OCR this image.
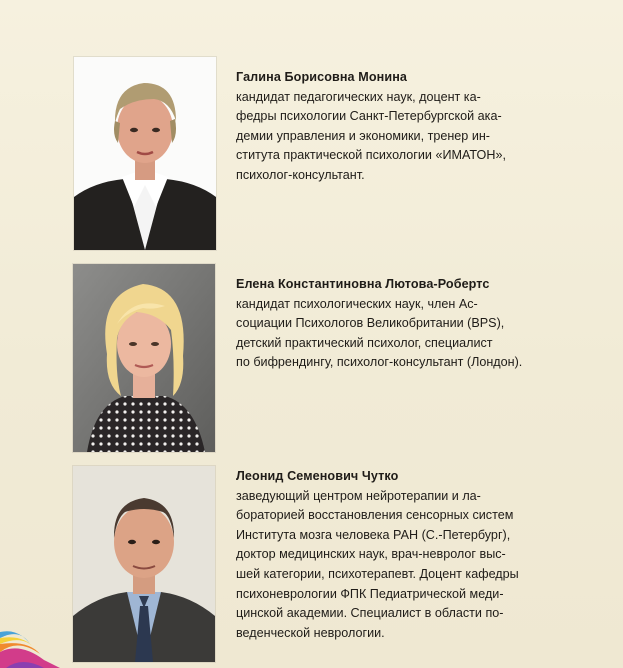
Галина Борисовна Монина
кандидат педагогических наук, доцент ка-
федры психологии Санкт-Петербургской ака-
демии управления и экономики, тренер ин-
ститута практической психологии «ИМАТОН»,
психолог-консультант.
Елена Константиновна Лютова-Робертс
кандидат психологических наук, член Ас-
социации Психологов Великобритании (BPS),
детский практический психолог, специалист
по бифрендингу, психолог-консультант (Лондон).
Леонид Семенович Чутко
заведующий центром нейротерапии и ла-
бораторией восстановления сенсорных систем
Института мозга человека РАН (С.-Петербург),
доктор медицинских наук, врач-невролог выс-
шей категории, психотерапевт. Доцент кафедры
психоневрологии ФПК Педиатрической меди-
цинской академии. Специалист в области по-
веденческой неврологии.
